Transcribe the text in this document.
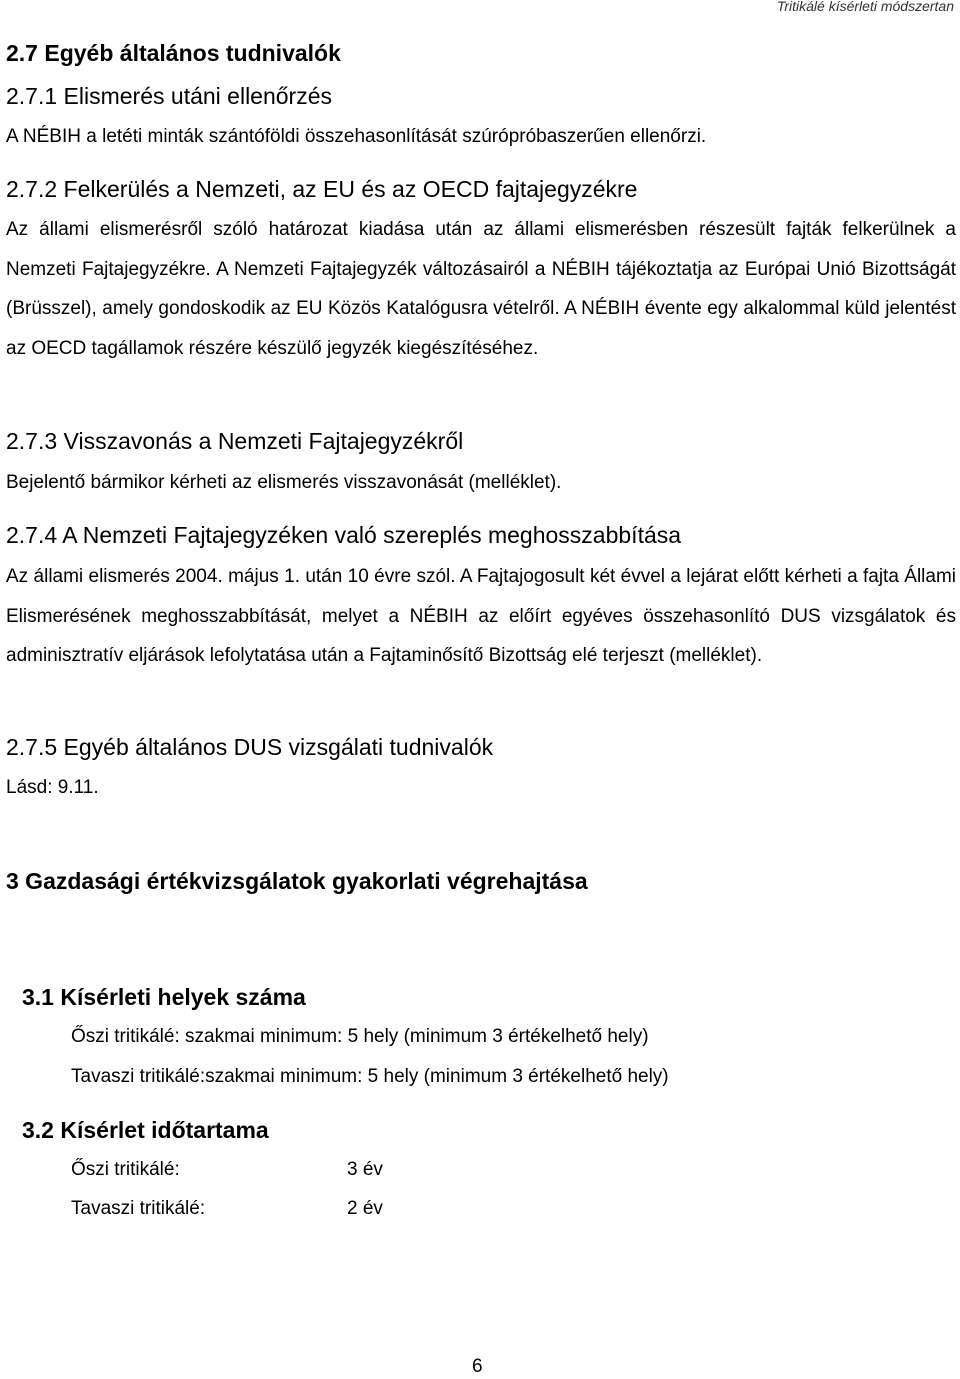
Tritikálé kísérleti módszertan
2.7 Egyéb általános tudnivalók
2.7.1 Elismerés utáni ellenőrzés
A NÉBIH a letéti minták szántóföldi összehasonlítását szúrópróbaszerűen ellenőrzi.
2.7.2 Felkerülés a Nemzeti, az EU és az OECD fajtajegyzékre
Az állami elismerésről szóló határozat kiadása után az állami elismerésben részesült fajták felkerülnek a Nemzeti Fajtajegyzékre. A Nemzeti Fajtajegyzék változásairól a NÉBIH tájékoztatja az Európai Unió Bizottságát (Brüsszel), amely gondoskodik az EU Közös Katalógusra vételről. A NÉBIH évente egy alkalommal küld jelentést az OECD tagállamok részére készülő jegyzék kiegészítéséhez.
2.7.3 Visszavonás a Nemzeti Fajtajegyzékről
Bejelentő bármikor kérheti az elismerés visszavonását (melléklet).
2.7.4 A Nemzeti Fajtajegyzéken való szereplés meghosszabbítása
Az állami elismerés 2004. május 1. után 10 évre szól. A Fajtajogosult két évvel a lejárat előtt kérheti a fajta Állami Elismerésének meghosszabbítását, melyet a NÉBIH az előírt egyéves összehasonlító DUS vizsgálatok és adminisztratív eljárások lefolytatása után a Fajtaminősítő Bizottság elé terjeszt (melléklet).
2.7.5 Egyéb általános DUS vizsgálati tudnivalók
Lásd: 9.11.
3 Gazdasági értékvizsgálatok gyakorlati végrehajtása
3.1 Kísérleti helyek száma
Őszi tritikálé: szakmai minimum: 5 hely (minimum 3 értékelhető hely)
Tavaszi tritikálé:szakmai minimum: 5 hely (minimum 3 értékelhető hely)
3.2 Kísérlet időtartama
Őszi tritikálé:	3 év
Tavaszi tritikálé:	2 év
6
